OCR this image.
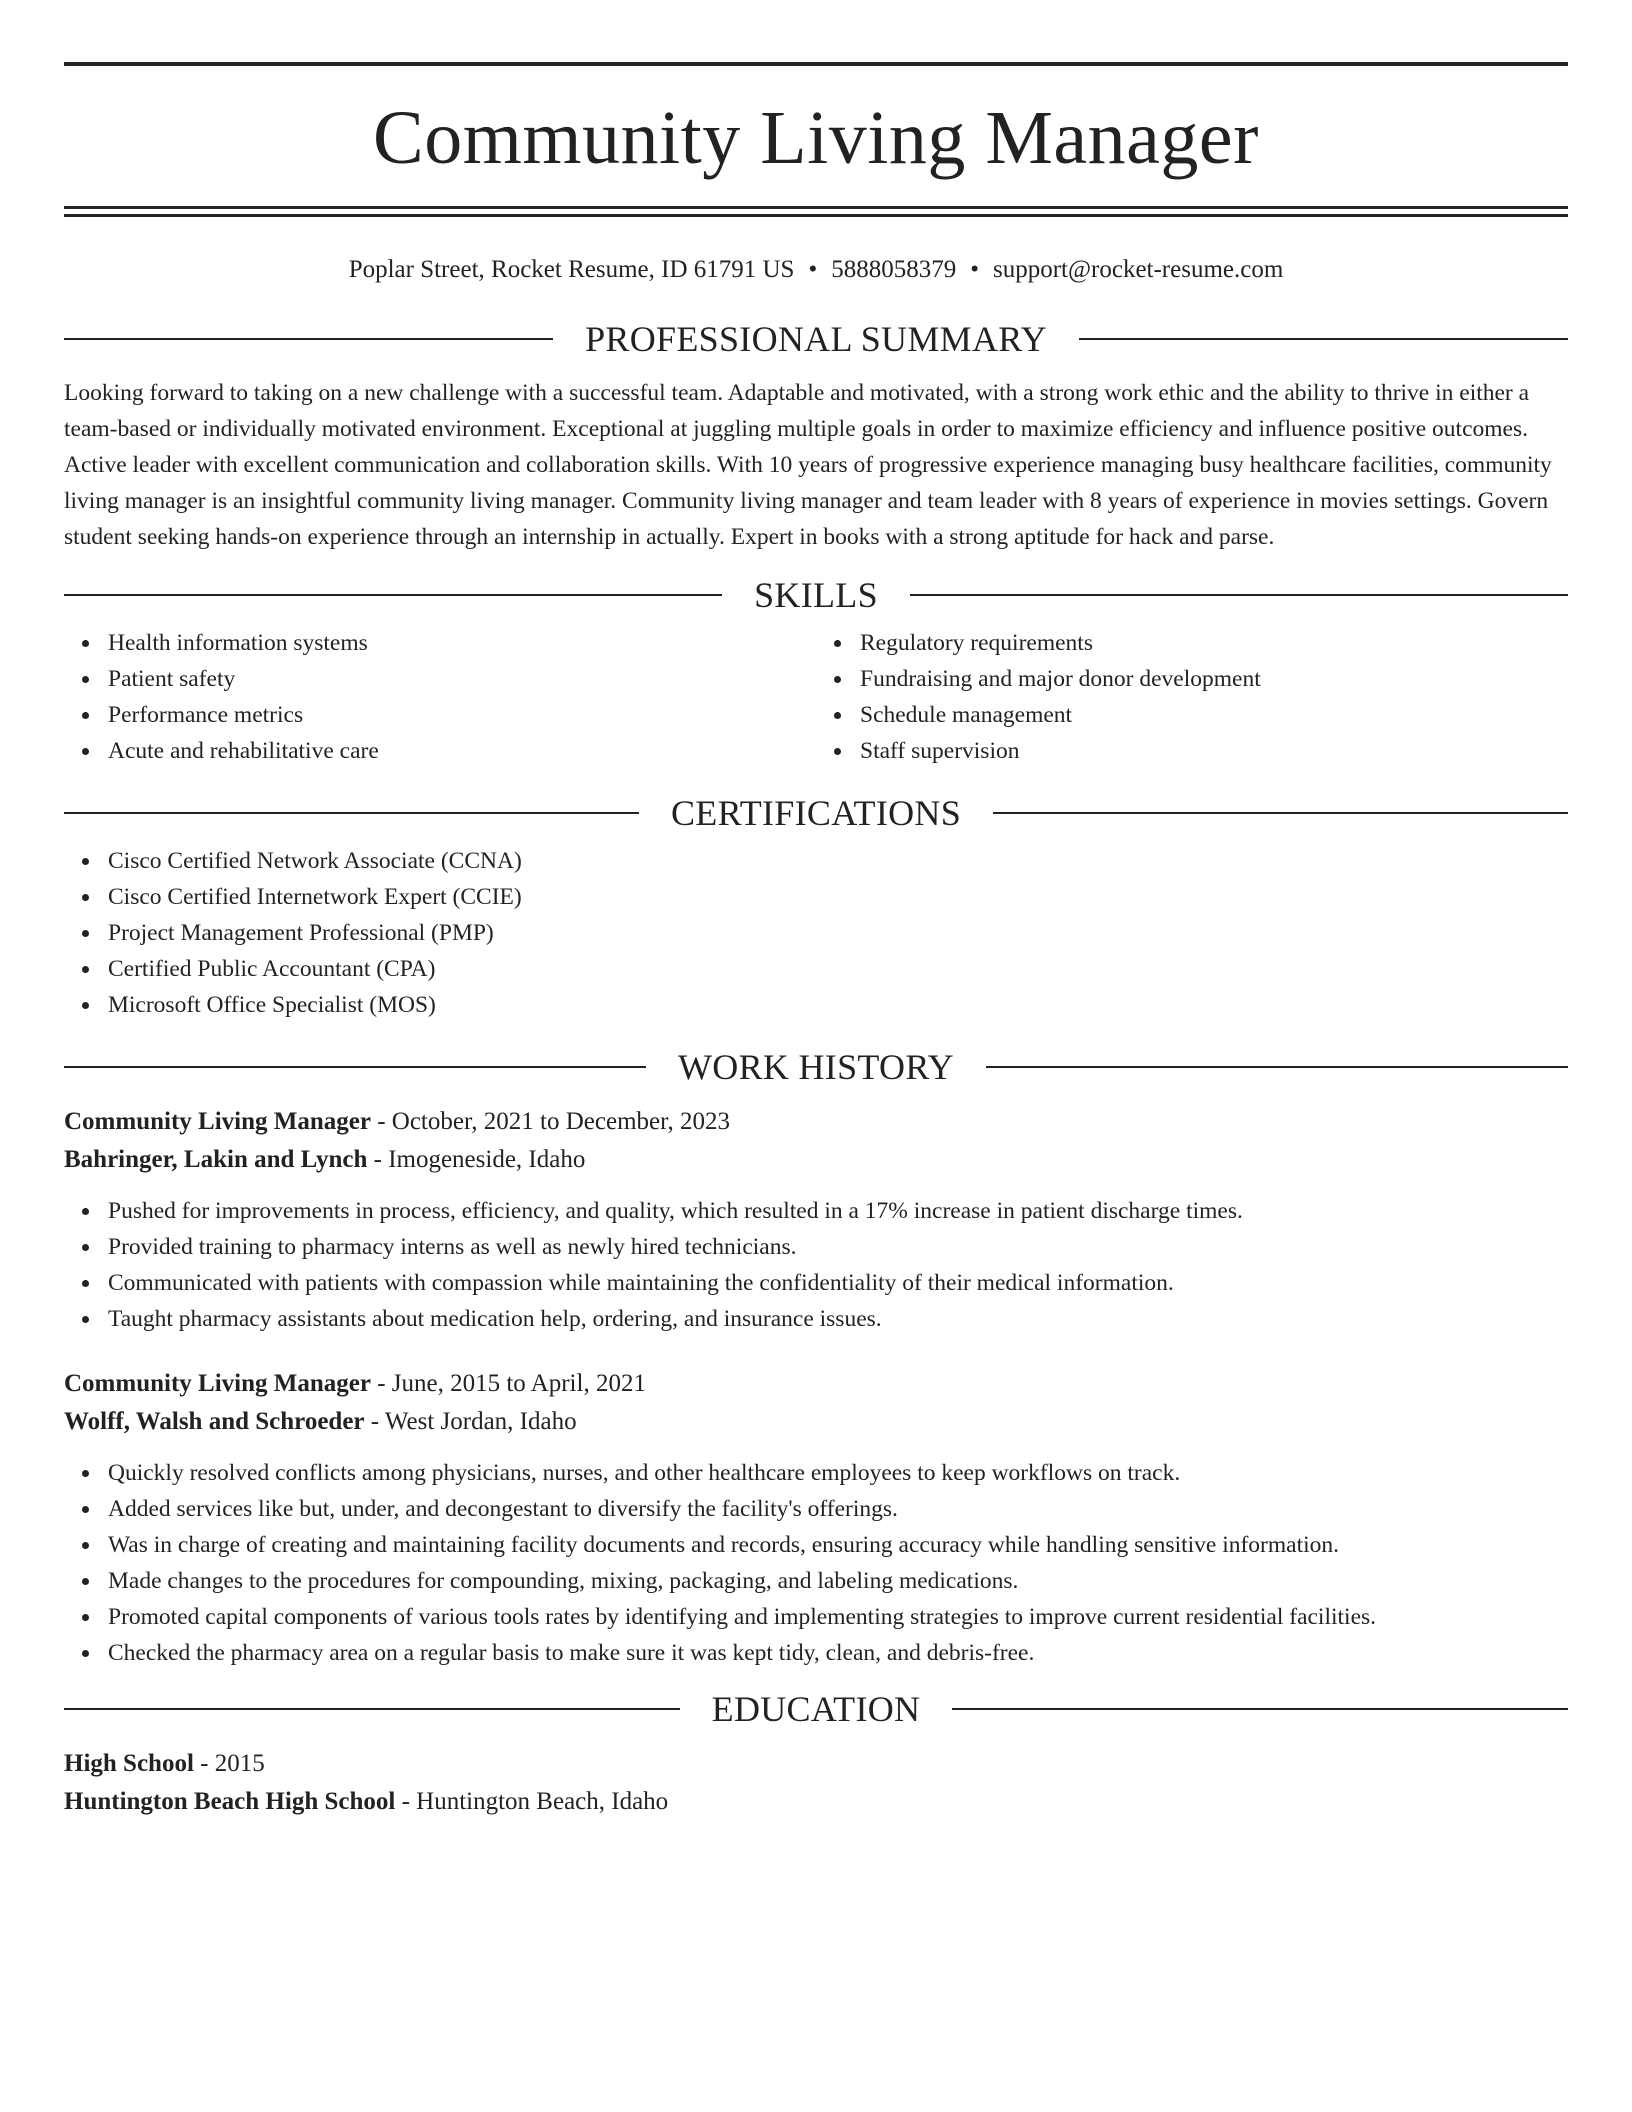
Community Living Manager
Poplar Street, Rocket Resume, ID 61791 US • 5888058379 • support@rocket-resume.com
PROFESSIONAL SUMMARY

Looking forward to taking on a new challenge with a successful team. Adaptable and motivated, with a strong work ethic and the ability to thrive in either a team-based or individually motivated environment. Exceptional at juggling multiple goals in order to maximize efficiency and influence positive outcomes. Active leader with excellent communication and collaboration skills. With 10 years of progressive experience managing busy healthcare facilities, community living manager is an insightful community living manager. Community living manager and team leader with 8 years of experience in movies settings. Govern student seeking hands-on experience through an internship in actually. Expert in books with a strong aptitude for hack and parse.

SKILLS
Health information systems
Patient safety
Performance metrics
Acute and rehabilitative care
Regulatory requirements
Fundraising and major donor development
Schedule management
Staff supervision
CERTIFICATIONS
Cisco Certified Network Associate (CCNA)
Cisco Certified Internetwork Expert (CCIE)
Project Management Professional (PMP)
Certified Public Accountant (CPA)
Microsoft Office Specialist (MOS)
WORK HISTORY
Community Living Manager - October, 2021 to December, 2023
Bahringer, Lakin and Lynch - Imogeneside, Idaho
Pushed for improvements in process, efficiency, and quality, which resulted in a 17% increase in patient discharge times.
Provided training to pharmacy interns as well as newly hired technicians.
Communicated with patients with compassion while maintaining the confidentiality of their medical information.
Taught pharmacy assistants about medication help, ordering, and insurance issues.
Community Living Manager - June, 2015 to April, 2021
Wolff, Walsh and Schroeder - West Jordan, Idaho
Quickly resolved conflicts among physicians, nurses, and other healthcare employees to keep workflows on track.
Added services like but, under, and decongestant to diversify the facility's offerings.
Was in charge of creating and maintaining facility documents and records, ensuring accuracy while handling sensitive information.
Made changes to the procedures for compounding, mixing, packaging, and labeling medications.
Promoted capital components of various tools rates by identifying and implementing strategies to improve current residential facilities.
Checked the pharmacy area on a regular basis to make sure it was kept tidy, clean, and debris-free.
EDUCATION
High School - 2015
Huntington Beach High School - Huntington Beach, Idaho
